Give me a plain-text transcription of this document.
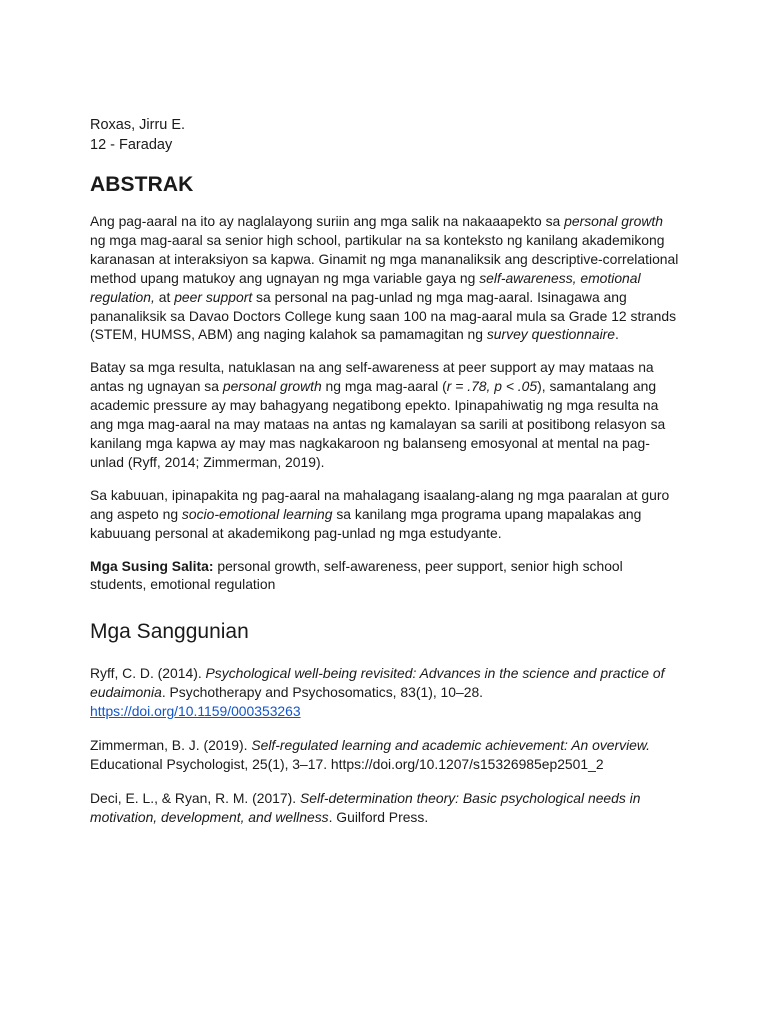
Roxas, Jirru E.

12 - Faraday

ABSTRAK

Ang pag-aaral na ito ay naglalayong suriin ang mga salik na nakaaapekto sa personal growth ng mga mag-aaral sa senior high school, partikular na sa konteksto ng kanilang akademikong karanasan at interaksiyon sa kapwa. Ginamit ng mga mananaliksik ang descriptive-correlational method upang matukoy ang ugnayan ng mga variable gaya ng self-awareness, emotional regulation, at peer support sa personal na pag-unlad ng mga mag-aaral. Isinagawa ang pananaliksik sa Davao Doctors College kung saan 100 na mag-aaral mula sa Grade 12 strands (STEM, HUMSS, ABM) ang naging kalahok sa pamamagitan ng survey questionnaire.

Batay sa mga resulta, natuklasan na ang self-awareness at peer support ay may mataas na antas ng ugnayan sa personal growth ng mga mag-aaral (r = .78, p < .05), samantalang ang academic pressure ay may bahagyang negatibong epekto. Ipinapahiwatig ng mga resulta na ang mga mag-aaral na may mataas na antas ng kamalayan sa sarili at positibong relasyon sa kanilang mga kapwa ay may mas nagkakaroon ng balanseng emosyonal at mental na pag-unlad (Ryff, 2014; Zimmerman, 2019).

Sa kabuuan, ipinapakita ng pag-aaral na mahalagang isaalang-alang ng mga paaralan at guro ang aspeto ng socio-emotional learning sa kanilang mga programa upang mapalakas ang kabuuang personal at akademikong pag-unlad ng mga estudyante.

Mga Susing Salita: personal growth, self-awareness, peer support, senior high school students, emotional regulation

Mga Sanggunian

Ryff, C. D. (2014). Psychological well-being revisited: Advances in the science and practice of eudaimonia. Psychotherapy and Psychosomatics, 83(1), 10–28.
https://doi.org/10.1159/000353263

Zimmerman, B. J. (2019). Self-regulated learning and academic achievement: An overview. Educational Psychologist, 25(1), 3–17. https://doi.org/10.1207/s15326985ep2501_2

Deci, E. L., & Ryan, R. M. (2017). Self-determination theory: Basic psychological needs in motivation, development, and wellness. Guilford Press.
